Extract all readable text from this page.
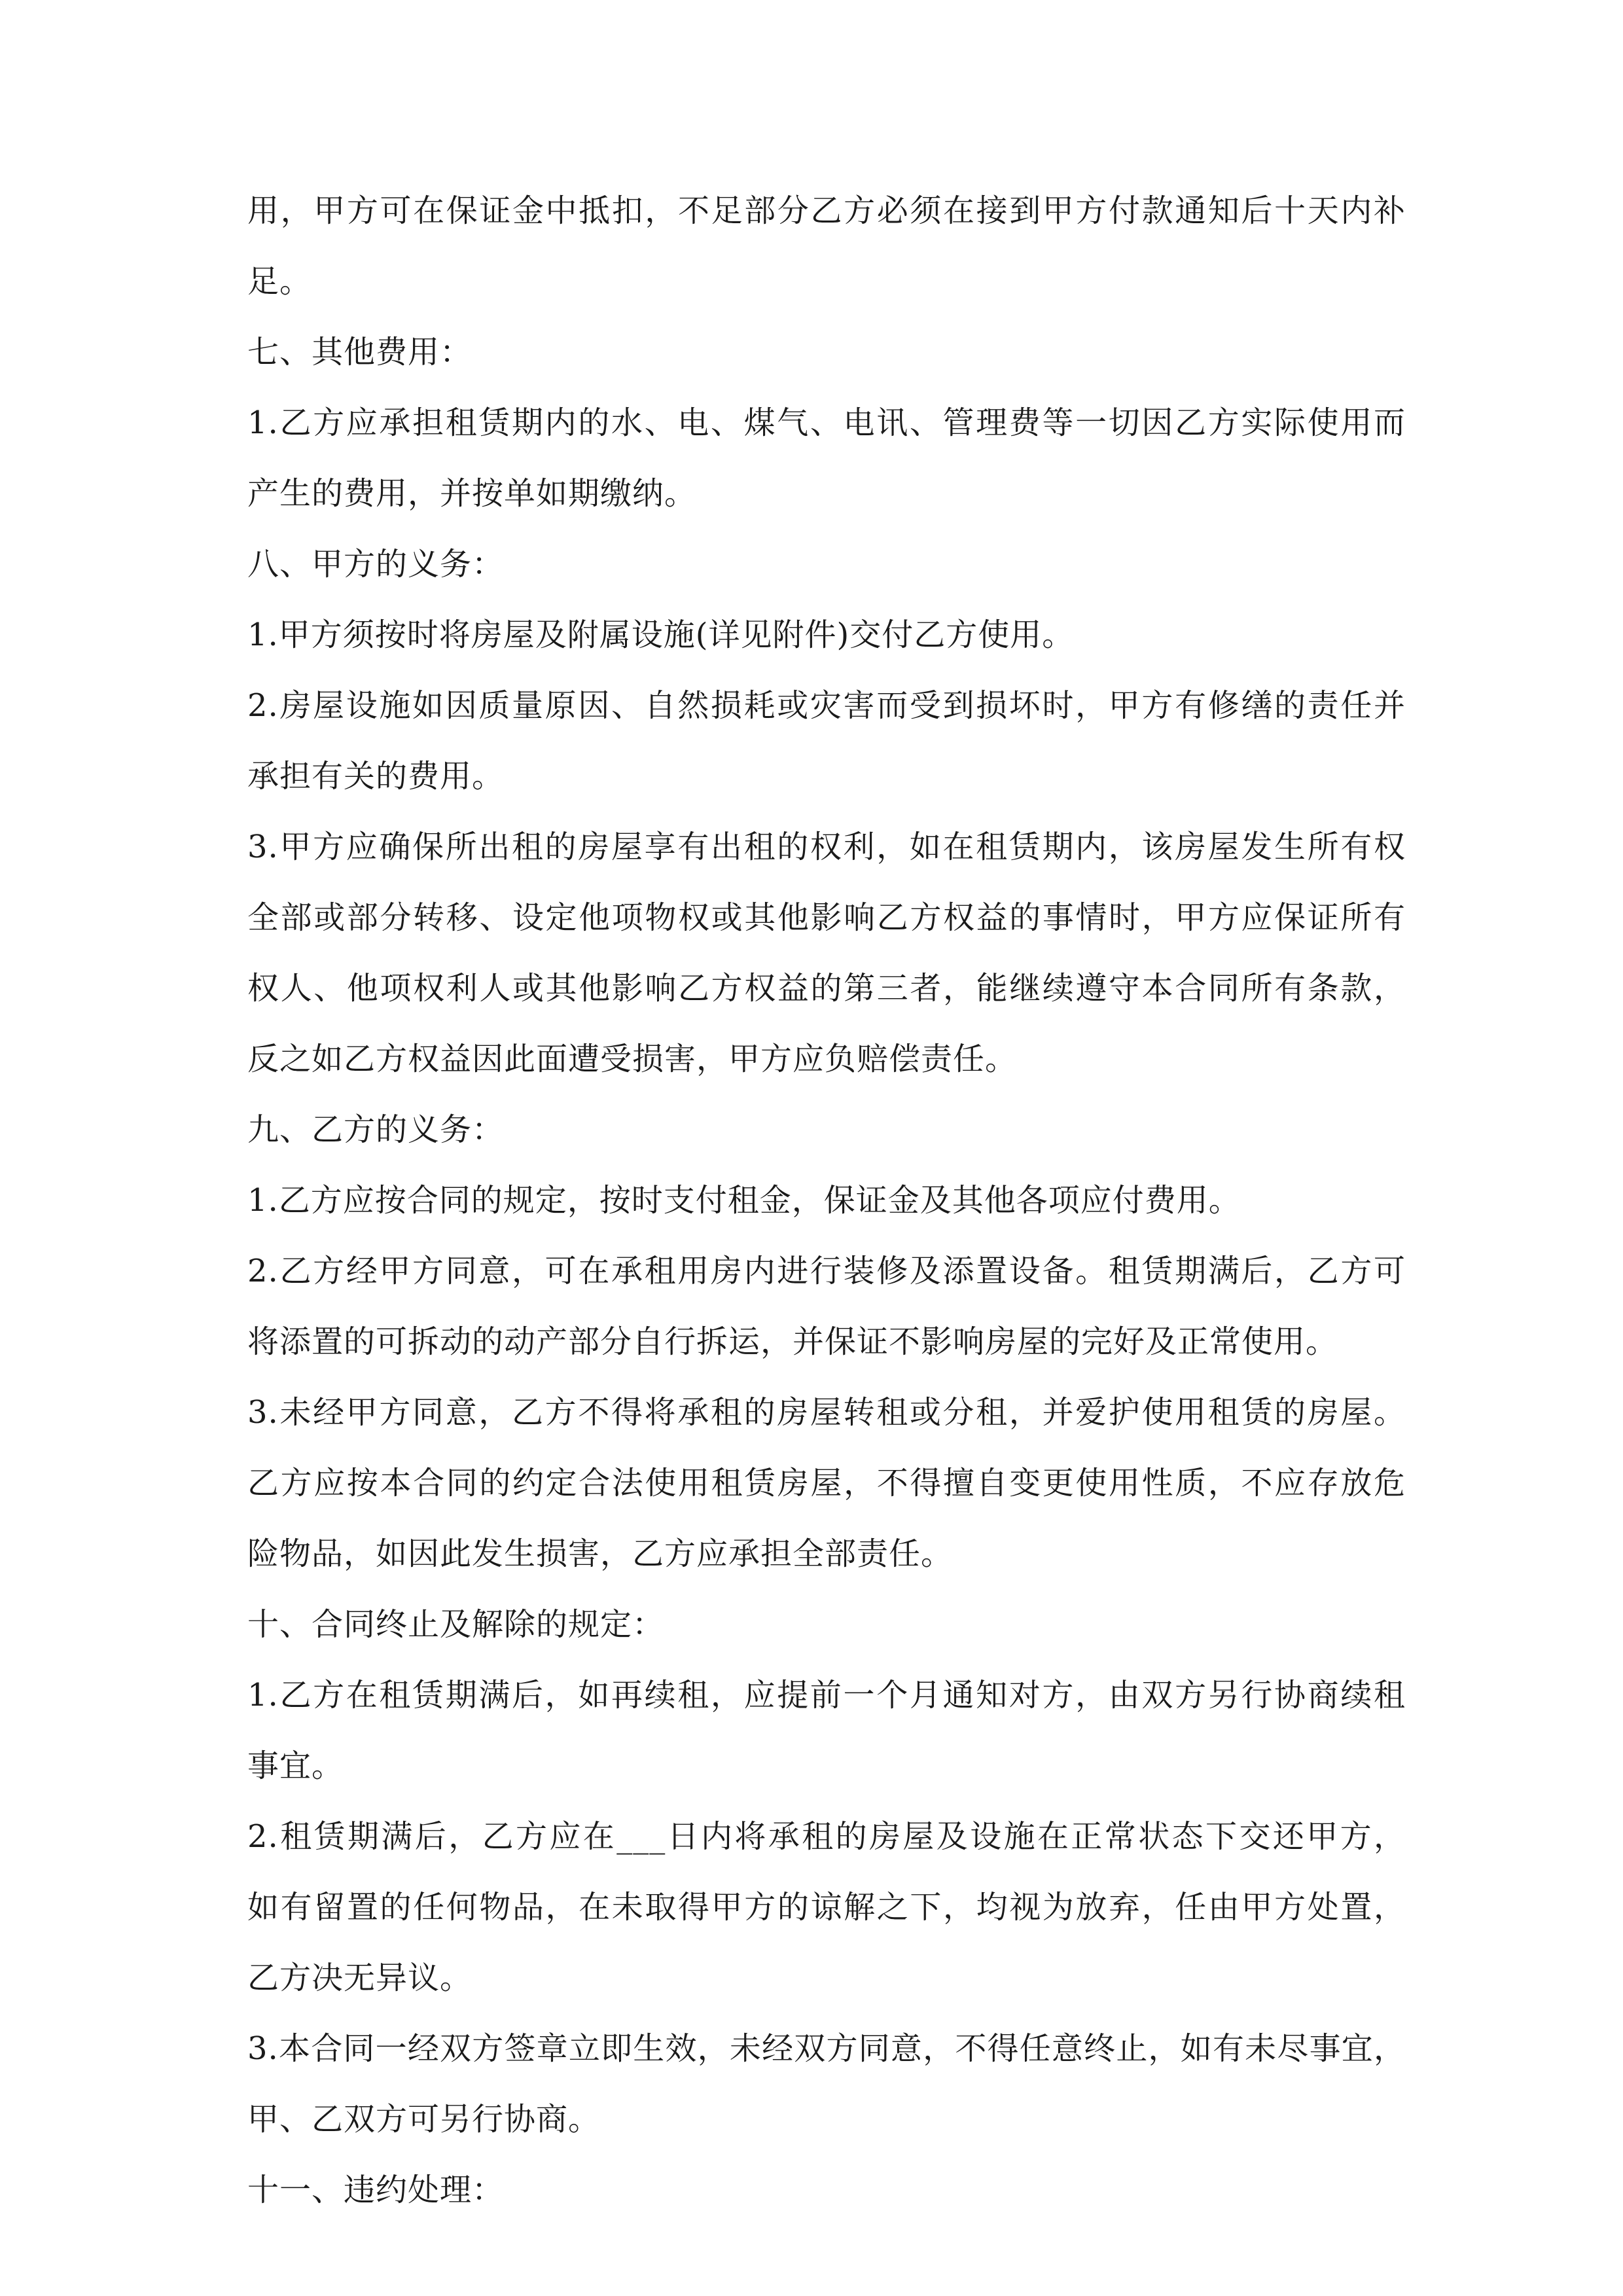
用，甲方可在保证金中抵扣，不足部分乙方必须在接到甲方付款通知后十天内补
足。
七、其他费用：
1.乙方应承担租赁期内的水、电、煤气、电讯、管理费等一切因乙方实际使用而
产生的费用，并按单如期缴纳。
八、甲方的义务：
1.甲方须按时将房屋及附属设施(详见附件)交付乙方使用。
2.房屋设施如因质量原因、自然损耗或灾害而受到损坏时，甲方有修缮的责任并
承担有关的费用。
3.甲方应确保所出租的房屋享有出租的权利，如在租赁期内，该房屋发生所有权
全部或部分转移、设定他项物权或其他影响乙方权益的事情时，甲方应保证所有
权人、他项权利人或其他影响乙方权益的第三者，能继续遵守本合同所有条款，
反之如乙方权益因此面遭受损害，甲方应负赔偿责任。
九、乙方的义务：
1.乙方应按合同的规定，按时支付租金，保证金及其他各项应付费用。
2.乙方经甲方同意，可在承租用房内进行装修及添置设备。租赁期满后，乙方可
将添置的可拆动的动产部分自行拆运，并保证不影响房屋的完好及正常使用。
3.未经甲方同意，乙方不得将承租的房屋转租或分租，并爱护使用租赁的房屋。
乙方应按本合同的约定合法使用租赁房屋，不得擅自变更使用性质，不应存放危
险物品，如因此发生损害，乙方应承担全部责任。
十、合同终止及解除的规定：
1.乙方在租赁期满后，如再续租，应提前一个月通知对方，由双方另行协商续租
事宜。
2.租赁期满后，乙方应在___日内将承租的房屋及设施在正常状态下交还甲方，
如有留置的任何物品，在未取得甲方的谅解之下，均视为放弃，任由甲方处置，
乙方决无异议。
3.本合同一经双方签章立即生效，未经双方同意，不得任意终止，如有未尽事宜，
甲、乙双方可另行协商。
十一、违约处理：
